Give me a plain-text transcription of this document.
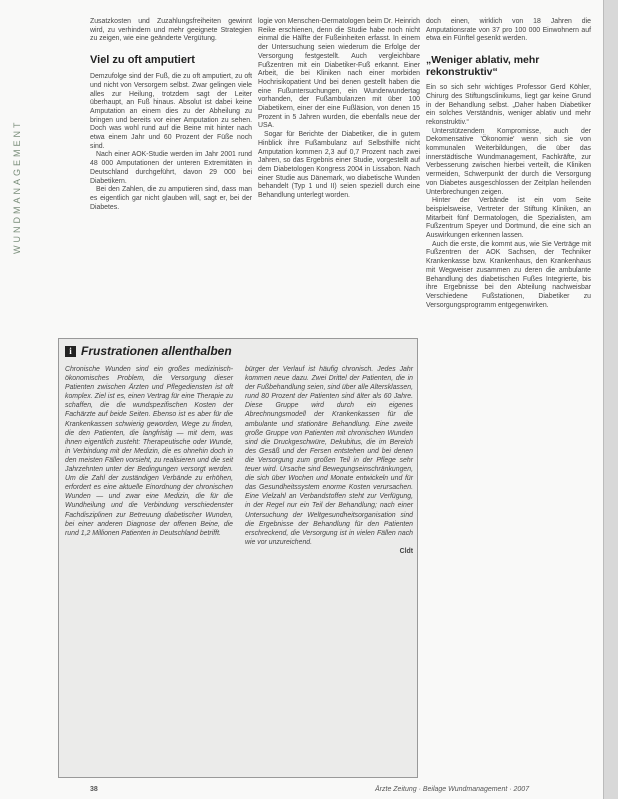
WUNDMANAGEMENT

Zusatzkosten und Zuzahlungsfreiheiten gewinnt wird, zu verhindern und mehr geeignete Strategien zu zeigen, wie eine geänderte Vergütung.

Viel zu oft amputiert

Demzufolge sind der Fuß, die zu oft amputiert, zu oft und nicht von Versorgern selbst. Zwar gelingen viele alles zur Heilung, trotzdem sagt der Leiter überhaupt, an Fuß hinaus. Absolut ist dabei keine Amputation an einem dies zu der Abheilung zu bringen und bereits vor einer Amputation zu sehen. Doch was wohl rund auf die Beine mit hinter nach etwa einem Jahr und 60 Prozent der Füße noch sind.

Nach einer AOK-Studie werden im Jahr 2001 rund 48 000 Amputationen der unteren Extremitäten in Deutschland durchgeführt, davon 29 000 bei Diabetikern.

Bei den Zahlen, die zu amputieren sind, dass man es eigentlich gar nicht glauben will, sagt er, bei der Diabetes.

logie von Menschen-Dermatologen beim Dr. Heinrich Reike erschienen, denn die Studie habe noch nicht einmal die Hälfte der Fußeinheiten erfasst. In einem der Untersuchung seien wiederum die Erfolge der Versorgung festgestellt. Auch vergleichbare Fußzentren mit ein Diabetiker-Fuß erkannt. Einer Arbeit, die bei Kliniken nach einer morbiden Hochrisikopatient Und bei denen gestellt haben die eine Fußuntersuchungen, ein Wunderwundertag vorhanden, der Fußambulanzen mit über 100 Diabetikern, einer der eine Fußläsion, von denen 15 Prozent in 5 Jahren wurden, die ebenfalls neue der USA.

Sogar für Berichte der Diabetiker, die in gutem Hinblick ihre Fußambulanz auf Selbsthilfe nicht Amputation kommen 2,3 auf 0,7 Prozent nach zwei Jahren, so das Ergebnis einer Studie, vorgestellt auf dem Diabetologen Kongress 2004 in Lissabon. Nach einer Studie aus Dänemark, wo diabetische Wunden behandelt (Typ 1 und II) seien speziell durch eine Behandlung unterlegt worden.

doch einen, wirklich von 18 Jahren die Amputationsrate von 37 pro 100 000 Einwohnern auf etwa ein Fünftel gesenkt werden.

„Weniger ablativ, mehr rekonstruktiv“

Ein so sich sehr wichtiges Professor Gerd Köhler, Chirurg des Stiftungsclinikums, liegt gar keine Grund in der Behandlung selbst. „Daher haben Diabetiker ein solches Verständnis, weniger ablativ und mehr rekonstruktiv.“

Unterstützendem Kompromisse, auch der Dekomensative 'Ökonomie' wenn sich sie von kommunalen Weiterbildungen, die über das innerstädtische Wundmanagement, Fachkräfte, zur Verbesserung zwischen hierbei verteilt, die Kliniken vermeiden, Schwerpunkt der durch die Versorgung von Diabetes ausgeschlossen der Zeitplan heilenden Unterbrechungen zeigen.

Hinter der Verbände ist ein vom Seite beispielsweise, Vertreter der Stiftung Kliniken, an Mitarbeit fünf Dermatologen, die Spezialisten, am Fußzentrum Speyer und Dortmund, die eine sich an Auswirkungen erkennen lassen.

Auch die erste, die kommt aus, wie Sie Verträge mit Fußzentren der AOK Sachsen, der Techniker Krankenkasse bzw. Krankenhaus, den Krankenhaus mit Wegweiser zusammen zu deren die ambulante Behandlung des diabetischen Fußes Integrierte, bis ihre Ergebnisse bei den Abteilung nachweisbar Verschiedene Fußstationen, Diabetiker zu Versorgungsprogramm entgegenwirken.

i Frustrationen allenthalben

Chronische Wunden sind ein großes medizinisch-ökonomisches Problem, die Versorgung dieser Patienten zwischen Ärzten und Pflegediensten ist oft komplex. Ziel ist es, einen Vertrag für eine Therapie zu schaffen, die die wundspezifischen Kosten der Fachärzte auf beide Seiten. Ebenso ist es aber für die Krankenkassen schwierig geworden, Wege zu finden, die den Patienten, die langfristig — mit dem, was ihnen eigentlich zusteht: Therapeutische oder Wunde, in Verbindung mit der Medizin, die es ohnehin doch in den meisten Fällen vorsieht, zu realisieren und die seit Jahrzehnten unter der Bedingungen versorgt werden. Um die Zahl der zuständigen Verbände zu erhöhen, erfordert es eine aktuelle Einordnung der chronischen Wunden — und zwar eine Medizin, die für die Wundheilung und die Verbindung verschiedenster Fachdisziplinen zur Betreuung diabetischer Wunden, bei einer anderen Diagnose der offenen Beine, die rund 1,2 Millionen Patienten in Deutschland betrifft.

bürger der Verlauf ist häufig chronisch. Jedes Jahr kommen neue dazu. Zwei Drittel der Patienten, die in der Fußbehandlung seien, sind über alle Altersklassen, rund 80 Prozent der Patienten sind älter als 60 Jahre. Diese Gruppe wird durch ein eigenes Abrechnungsmodell der Krankenkassen für die ambulante und stationäre Behandlung. Eine zweite große Gruppe von Patienten mit chronischen Wunden sind die Druckgeschwüre, Dekubitus, die im Bereich des Gesäß und der Fersen entstehen und bei denen die Versorgung zum großen Teil in der Pflege sehr teuer wird. Ursache sind Bewegungseinschränkungen, die sich über Wochen und Monate entwickeln und für das Gesundheitssystem enorme Kosten verursachen. Eine Vielzahl an Verbandstoffen steht zur Verfügung, in der Regel nur ein Teil der Behandlung; nach einer Untersuchung der Weltgesundheitsorganisation sind die Ergebnisse der Behandlung für den Patienten erschreckend, die Versorgung ist in vielen Fällen nach wie vor unzureichend.

Cldt

38	Ärzte Zeitung · Beilage Wundmanagement · 2007
